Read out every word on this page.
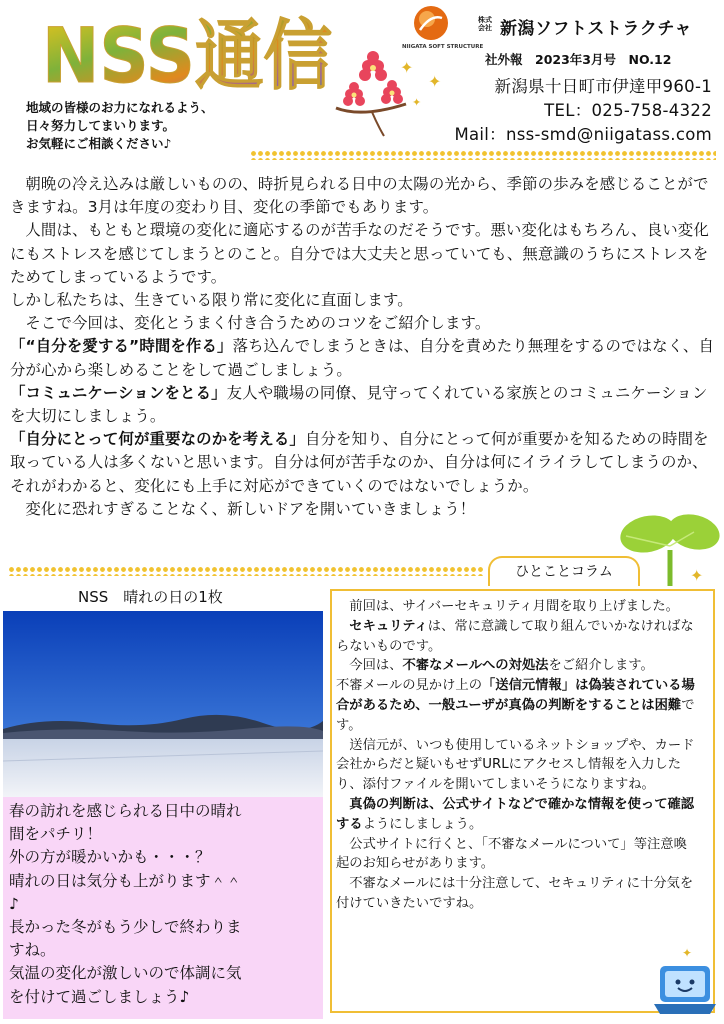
NSS通信	NIIGATA SOFT STRUCTURE
株式会社 新潟ソフトストラクチャ
社外報　2023年3月号　NO.12
✦
✦
✦
新潟県十日町市伊達甲960-1
TEL：025-758-4322
Mail：nss-smd@niigatass.com
地域の皆様のお力になれるよう、
日々努力してまいります。
お気軽にご相談ください♪

朝晩の冷え込みは厳しいものの、時折見られる日中の太陽の光から、季節の歩みを感じることができますね。3月は年度の変わり目、変化の季節でもあります。

人間は、もともと環境の変化に適応するのが苦手なのだそうです。悪い変化はもちろん、良い変化にもストレスを感じてしまうとのこと。自分では大丈夫と思っていても、無意識のうちにストレスをためてしまっているようです。

しかし私たちは、生きている限り常に変化に直面します。

そこで今回は、変化とうまく付き合うためのコツをご紹介します。

「“自分を愛する”時間を作る」落ち込んでしまうときは、自分を責めたり無理をするのではなく、自分が心から楽しめることをして過ごしましょう。

「コミュニケーションをとる」友人や職場の同僚、見守ってくれている家族とのコミュニケーションを大切にしましょう。

「自分にとって何が重要なのかを考える」自分を知り、自分にとって何が重要かを知るための時間を取っている人は多くないと思います。自分は何が苦手なのか、自分は何にイライラしてしまうのか、それがわかると、変化にも上手に対応ができていくのではないでしょうか。

変化に恐れすぎることなく、新しいドアを開いていきましょう！

✦
NSS　晴れの日の1枚
春の訪れを感じられる日中の晴れ
間をパチリ！
外の方が暖かいかも・・・？
晴れの日は気分も上がります＾＾
♪
長かった冬がもう少しで終わりま
すね。
気温の変化が激しいので体調に気
を付けて過ごしましょう♪
ひとことコラム

前回は、サイバーセキュリティ月間を取り上げました。

セキュリティは、常に意識して取り組んでいかなければならないものです。

今回は、不審なメールへの対処法をご紹介します。

不審メールの見かけ上の「送信元情報」は偽装されている場合があるため、一般ユーザが真偽の判断をすることは困難です。

送信元が、いつも使用しているネットショップや、カード会社からだと疑いもせずURLにアクセスし情報を入力したり、添付ファイルを開いてしまいそうになりますね。

真偽の判断は、公式サイトなどで確かな情報を使って確認するようにしましょう。

公式サイトに行くと、「不審なメールについて」等注意喚起のお知らせがあります。

不審なメールには十分注意して、セキュリティに十分気を付けていきたいですね。

✦
